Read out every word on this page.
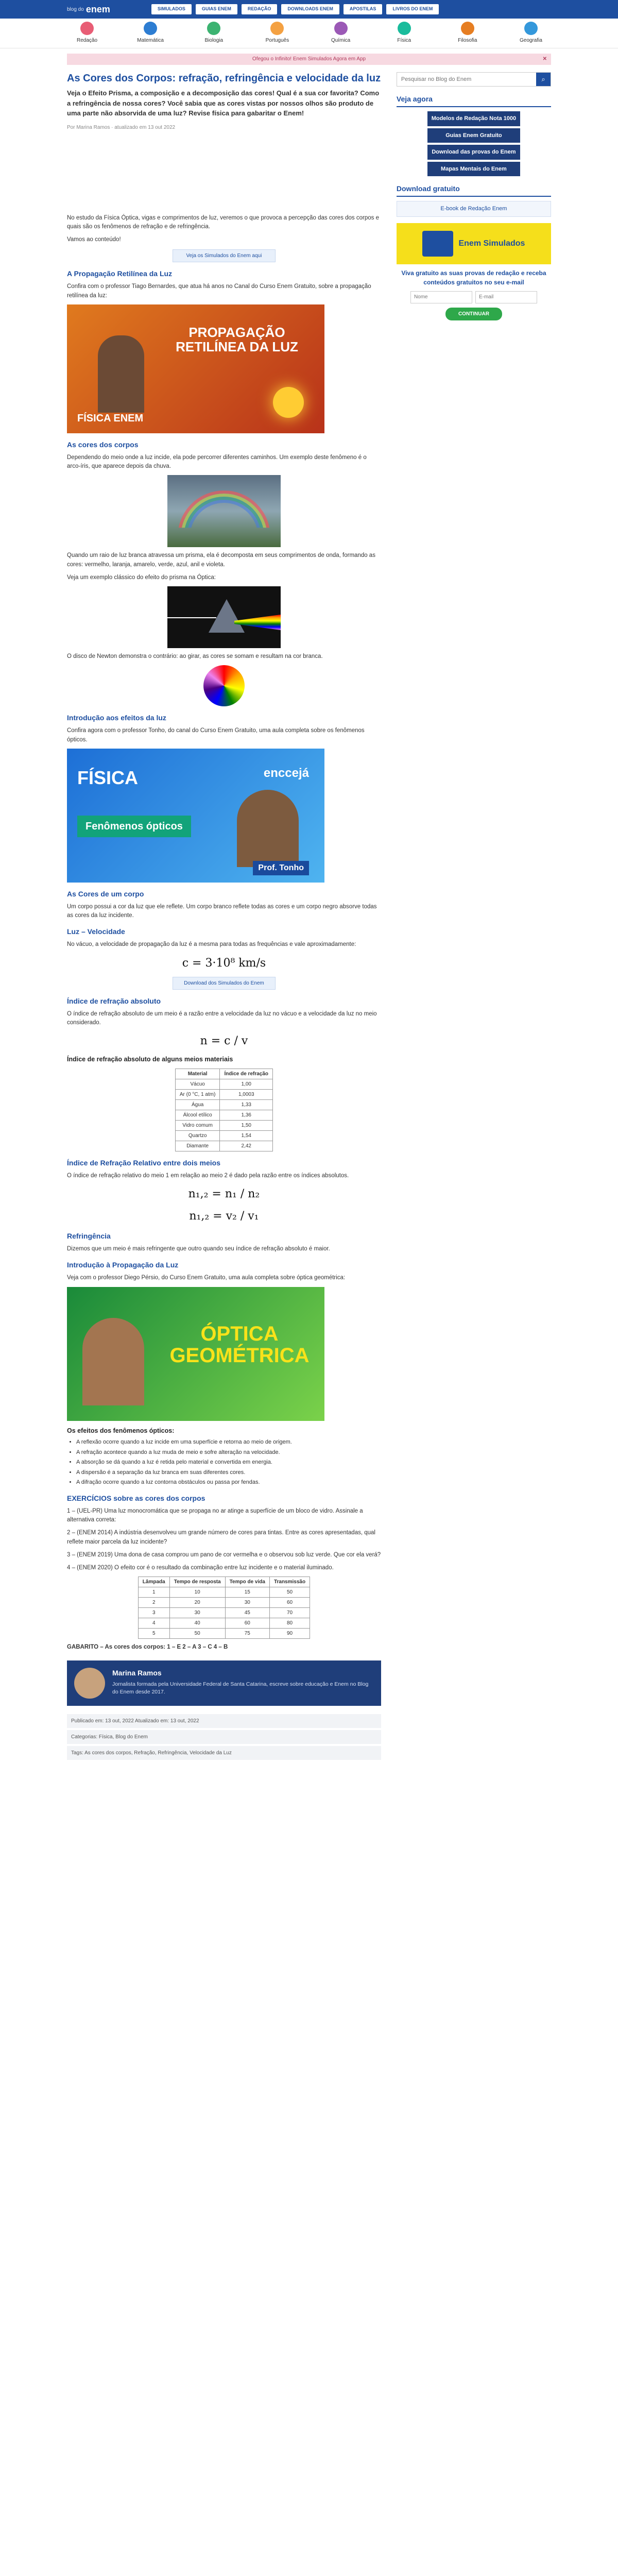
blog do enem	SIMULADOS	GUIAS ENEM	REDAÇÃO	DOWNLOADS ENEM	APOSTILAS	LIVROS DO ENEM
Redação	Matemática	Biologia	Português	Química	Física	Filosofia	Geografia
Ofegou o Infinito! Enem Simulados Agora em App	✕
As Cores dos Corpos: refração, refringência e velocidade da luz
Veja o Efeito Prisma, a composição e a decomposição das cores! Qual é a sua cor favorita? Como a refringência de nossa cores? Você sabia que as cores vistas por nossos olhos são produto de uma parte não absorvida de uma luz? Revise física para gabaritar o Enem!
Por Marina Ramos · atualizado em 13 out 2022

No estudo da Física Óptica, vigas e comprimentos de luz, veremos o que provoca a percepção das cores dos corpos e quais são os fenômenos de refração e de refringência.

Vamos ao conteúdo!

Veja os Simulados do Enem aqui
A Propagação Retilínea da Luz

Confira com o professor Tiago Bernardes, que atua há anos no Canal do Curso Enem Gratuito, sobre a propagação retilínea da luz:

PROPAGAÇÃO RETILÍNEA DA LUZ
FÍSICA ENEM
As cores dos corpos

Dependendo do meio onde a luz incide, ela pode percorrer diferentes caminhos. Um exemplo deste fenômeno é o arco-íris, que aparece depois da chuva.

Quando um raio de luz branca atravessa um prisma, ela é decomposta em seus comprimentos de onda, formando as cores: vermelho, laranja, amarelo, verde, azul, anil e violeta.

Veja um exemplo clássico do efeito do prisma na Óptica:

O disco de Newton demonstra o contrário: ao girar, as cores se somam e resultam na cor branca.

Introdução aos efeitos da luz

Confira agora com o professor Tonho, do canal do Curso Enem Gratuito, uma aula completa sobre os fenômenos ópticos.

FÍSICA
Fenômenos ópticos
enccejá
Prof. Tonho
As Cores de um corpo

Um corpo possui a cor da luz que ele reflete. Um corpo branco reflete todas as cores e um corpo negro absorve todas as cores da luz incidente.

Luz – Velocidade

No vácuo, a velocidade de propagação da luz é a mesma para todas as frequências e vale aproximadamente:

c = 3·10⁸ km/s
Download dos Simulados do Enem
Índice de refração absoluto

O índice de refração absoluto de um meio é a razão entre a velocidade da luz no vácuo e a velocidade da luz no meio considerado.

n = c / v
Índice de refração absoluto de alguns meios materiais
Material	Índice de refração
Vácuo	1,00
Ar (0 °C, 1 atm)	1,0003
Água	1,33
Álcool etílico	1,36
Vidro comum	1,50
Quartzo	1,54
Diamante	2,42
Índice de Refração Relativo entre dois meios

O índice de refração relativo do meio 1 em relação ao meio 2 é dado pela razão entre os índices absolutos.

n₁,₂ = n₁ / n₂
n₁,₂ = v₂ / v₁
Refringência

Dizemos que um meio é mais refringente que outro quando seu índice de refração absoluto é maior.

Introdução à Propagação da Luz

Veja com o professor Diego Pérsio, do Curso Enem Gratuito, uma aula completa sobre óptica geométrica:

ÓPTICA GEOMÉTRICA
Os efeitos dos fenômenos ópticos:
• A reflexão ocorre quando a luz incide em uma superfície e retorna ao meio de origem.
• A refração acontece quando a luz muda de meio e sofre alteração na velocidade.
• A absorção se dá quando a luz é retida pelo material e convertida em energia.
• A dispersão é a separação da luz branca em suas diferentes cores.
• A difração ocorre quando a luz contorna obstáculos ou passa por fendas.
EXERCÍCIOS sobre as cores dos corpos

1 – (UEL-PR) Uma luz monocromática que se propaga no ar atinge a superfície de um bloco de vidro. Assinale a alternativa correta:

2 – (ENEM 2014) A indústria desenvolveu um grande número de cores para tintas. Entre as cores apresentadas, qual reflete maior parcela da luz incidente?

3 – (ENEM 2019) Uma dona de casa comprou um pano de cor vermelha e o observou sob luz verde. Que cor ela verá?

4 – (ENEM 2020) O efeito cor é o resultado da combinação entre luz incidente e o material iluminado.

Lâmpada	Tempo de resposta	Tempo de vida	Transmissão
1	10	15	50
2	20	30	60
3	30	45	70
4	40	60	80
5	50	75	90

GABARITO – As cores dos corpos: 1 – E 2 – A 3 – C 4 – B

Marina Ramos
Jornalista formada pela Universidade Federal de Santa Catarina, escreve sobre educação e Enem no Blog do Enem desde 2017.
Publicado em: 13 out, 2022 Atualizado em: 13 out, 2022
Categorias: Física, Blog do Enem
Tags: As cores dos corpos, Refração, Refringência, Velocidade da Luz
Pesquisar no Blog do Enem
⌕
Veja agora
Modelos de Redação Nota 1000
Guias Enem Gratuito
Download das provas do Enem
Mapas Mentais do Enem
Download gratuito
E-book de Redação Enem
Enem Simulados
Viva gratuito as suas provas de redação e receba conteúdos gratuitos no seu e-mail
Nome
E-mail
CONTINUAR
